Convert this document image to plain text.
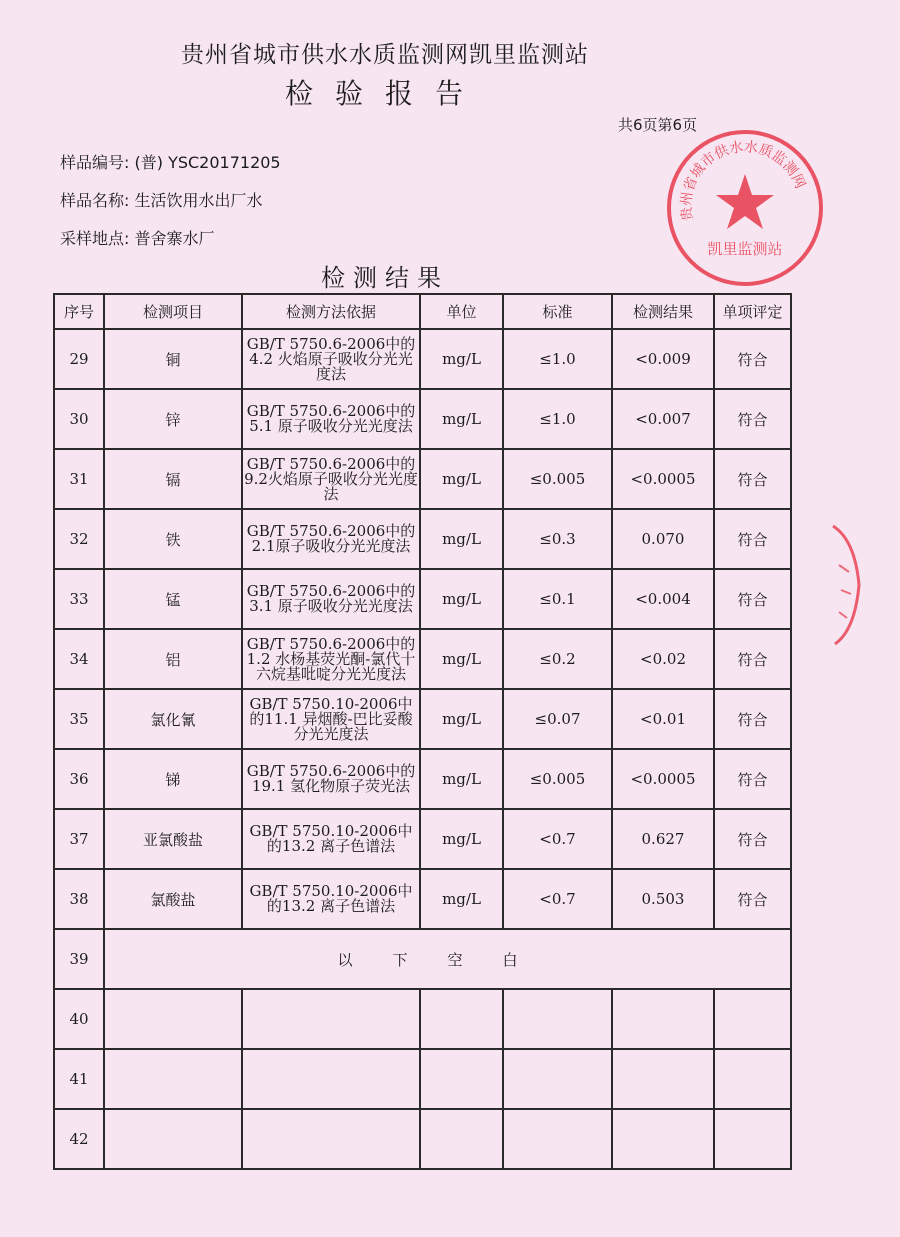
贵州省城市供水水质监测网凯里监测站
检验报告
共6页第6页
样品编号: (普) YSC20171205
样品名称: 生活饮用水出厂水
采样地点: 普舍寨水厂
检测结果
序号	检测项目	检测方法依据	单位	标准	检测结果	单项评定
29	铜	GB/T 5750.6-2006中的4.2 火焰原子吸收分光光度法	mg/L	≤1.0	<0.009	符合
30	锌	GB/T 5750.6-2006中的5.1 原子吸收分光光度法	mg/L	≤1.0	<0.007	符合
31	镉	GB/T 5750.6-2006中的9.2火焰原子吸收分光光度法	mg/L	≤0.005	<0.0005	符合
32	铁	GB/T 5750.6-2006中的2.1原子吸收分光光度法	mg/L	≤0.3	0.070	符合
33	锰	GB/T 5750.6-2006中的3.1 原子吸收分光光度法	mg/L	≤0.1	<0.004	符合
34	铝	GB/T 5750.6-2006中的1.2 水杨基荧光酮-氯代十六烷基吡啶分光光度法	mg/L	≤0.2	<0.02	符合
35	氯化氰	GB/T 5750.10-2006中的11.1 异烟酸-巴比妥酸分光光度法	mg/L	≤0.07	<0.01	符合
36	锑	GB/T 5750.6-2006中的19.1 氢化物原子荧光法	mg/L	≤0.005	<0.0005	符合
37	亚氯酸盐	GB/T 5750.10-2006中的13.2 离子色谱法	mg/L	<0.7	0.627	符合
38	氯酸盐	GB/T 5750.10-2006中的13.2 离子色谱法	mg/L	<0.7	0.503	符合
39	以下空白					
40						
41						
42						
贵州省城市供水水质监测网
凯里监测站
